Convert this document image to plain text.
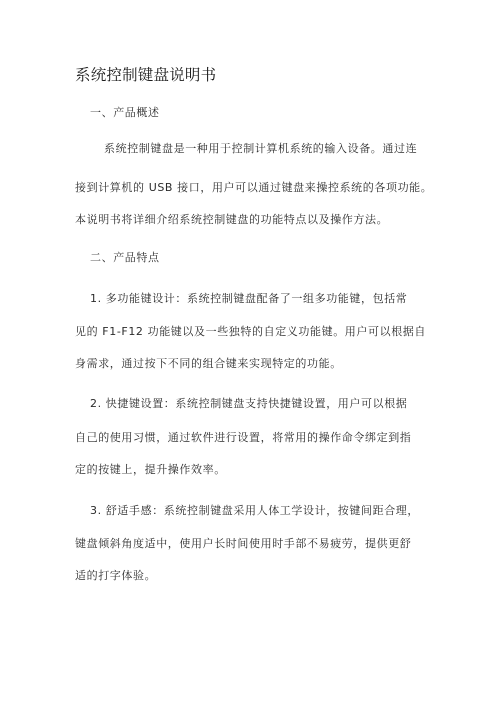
系统控制键盘说明书
一、产品概述
系统控制键盘是一种用于控制计算机系统的输入设备。通过连
接到计算机的 USB 接口，用户可以通过键盘来操控系统的各项功能。
本说明书将详细介绍系统控制键盘的功能特点以及操作方法。
二、产品特点
1. 多功能键设计：系统控制键盘配备了一组多功能键，包括常
见的 F1-F12 功能键以及一些独特的自定义功能键。用户可以根据自
身需求，通过按下不同的组合键来实现特定的功能。
2. 快捷键设置：系统控制键盘支持快捷键设置，用户可以根据
自己的使用习惯，通过软件进行设置，将常用的操作命令绑定到指
定的按键上，提升操作效率。
3. 舒适手感：系统控制键盘采用人体工学设计，按键间距合理，
键盘倾斜角度适中，使用户长时间使用时手部不易疲劳，提供更舒
适的打字体验。
